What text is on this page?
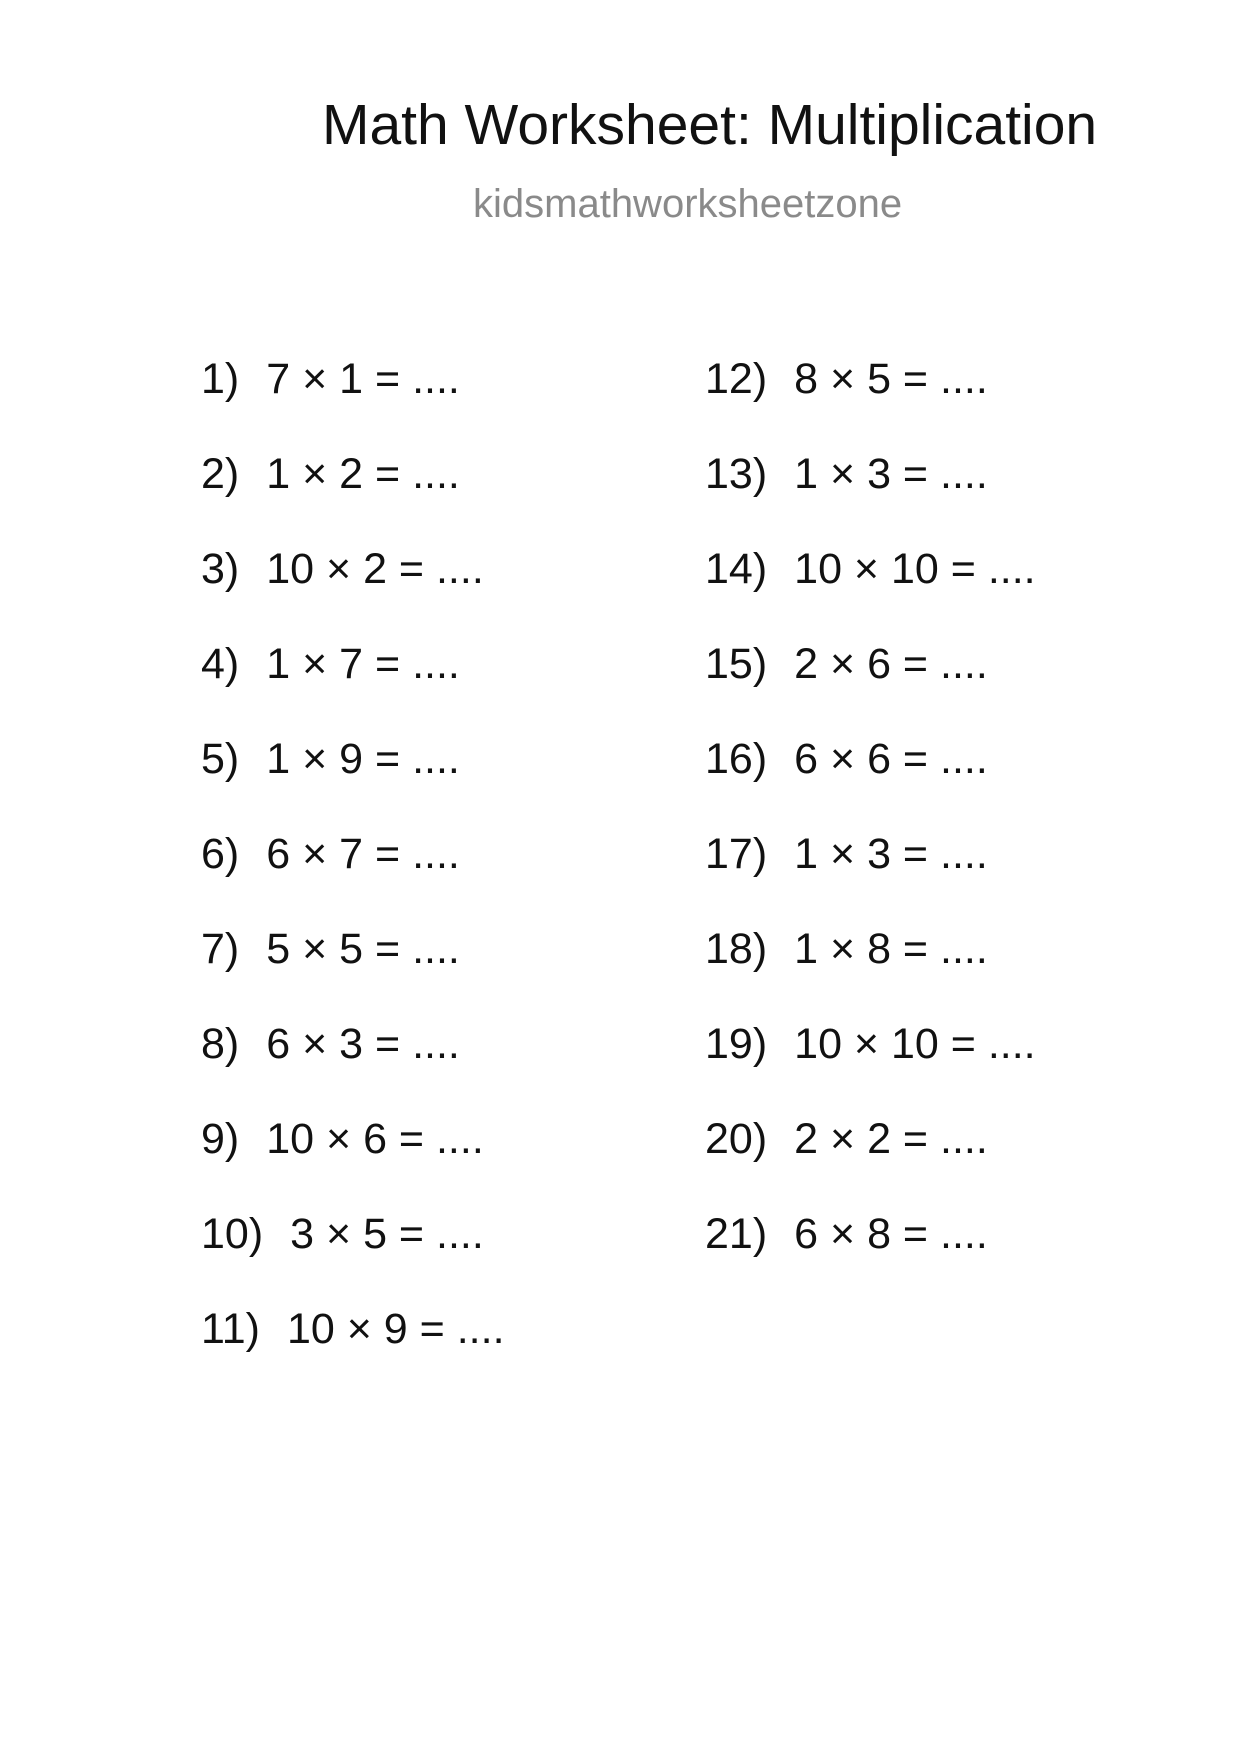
Math Worksheet: Multiplication
kidsmathworksheetzone
1) 7 × 1 = ....
2) 1 × 2 = ....
3) 10 × 2 = ....
4) 1 × 7 = ....
5) 1 × 9 = ....
6) 6 × 7 = ....
7) 5 × 5 = ....
8) 6 × 3 = ....
9) 10 × 6 = ....
10) 3 × 5 = ....
11) 10 × 9 = ....
12) 8 × 5 = ....
13) 1 × 3 = ....
14) 10 × 10 = ....
15) 2 × 6 = ....
16) 6 × 6 = ....
17) 1 × 3 = ....
18) 1 × 8 = ....
19) 10 × 10 = ....
20) 2 × 2 = ....
21) 6 × 8 = ....
